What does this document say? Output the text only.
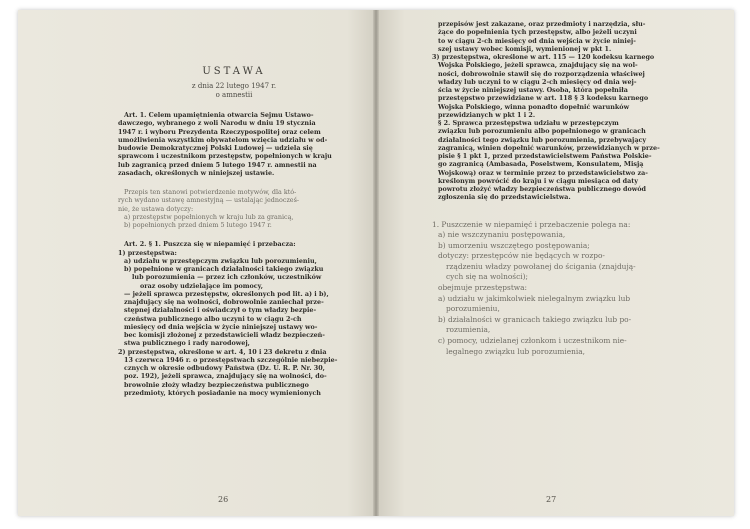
USTAWA
z dnia 22 lutego 1947 r.
o amnestii
Art. 1. Celem upamiętnienia otwarcia Sejmu Ustawo-
dawczego, wybranego z woli Narodu w dniu 19 stycznia
1947 r. i wyboru Prezydenta Rzeczypospolitej oraz celem
umożliwienia wszystkim obywatelom wzięcia udziału w od-
budowie Demokratycznej Polski Ludowej — udziela się
sprawcom i uczestnikom przestępstw, popełnionych w kraju
lub zagranicą przed dniem 5 lutego 1947 r. amnestii na
zasadach, określonych w niniejszej ustawie.
Przepis ten stanowi potwierdzenie motywów, dla któ-
rych wydano ustawę amnestyjną — ustalając jednocześ-
nie, że ustawa dotyczy:
a) przestępstw popełnionych w kraju lub za granicą,
b) popełnionych przed dniem 5 lutego 1947 r.
Art. 2. § 1. Puszcza się w niepamięć i przebacza:
1) przestępstwa:
a) udziału w przestępczym związku lub porozumieniu,
b) popełnione w granicach działalności takiego związku
lub porozumienia — przez ich członków, uczestników
oraz osoby udzielające im pomocy,
— jeżeli sprawca przestępstw, określonych pod lit. a) i b),
znajdujący się na wolności, dobrowolnie zaniechał prze-
stępnej działalności i oświadczył o tym władzy bezpie-
czeństwa publicznego albo uczyni to w ciągu 2-ch
miesięcy od dnia wejścia w życie niniejszej ustawy wo-
bec komisji złożonej z przedstawicieli władz bezpieczeń-
stwa publicznego i rady narodowej,
2) przestępstwa, określone w art. 4, 10 i 23 dekretu z dnia
13 czerwca 1946 r. o przestępstwach szczególnie niebezpie-
cznych w okresie odbudowy Państwa (Dz. U. R. P. Nr. 30,
poz. 192), jeżeli sprawca, znajdujący się na wolności, do-
browolnie złoży władzy bezpieczeństwa publicznego
przedmioty, których posiadanie na mocy wymienionych
26
przepisów jest zakazane, oraz przedmioty i narzędzia, słu-
żące do popełnienia tych przestępstw, albo jeżeli uczyni
to w ciągu 2-ch miesięcy od dnia wejścia w życie niniej-
szej ustawy wobec komisji, wymienionej w pkt 1.
3) przestępstwa, określone w art. 115 — 120 kodeksu karnego
Wojska Polskiego, jeżeli sprawca, znajdujący się na wol-
ności, dobrowolnie stawił się do rozporządzenia właściwej
władzy lub uczyni to w ciągu 2-ch miesięcy od dnia wej-
ścia w życie niniejszej ustawy. Osoba, która popełniła
przestępstwo przewidziane w art. 118 § 3 kodeksu karnego
Wojska Polskiego, winna ponadto dopełnić warunków
przewidzianych w pkt 1 i 2.
§ 2. Sprawca przestępstwa udziału w przestępczym
związku lub porozumieniu albo popełnionego w granicach
działalności tego związku lub porozumienia, przebywający
zagranicą, winien dopełnić warunków, przewidzianych w prze-
pisie § 1 pkt 1, przed przedstawicielstwem Państwa Polskie-
go zagranicą (Ambasada, Poselstwem, Konsulatem, Misją
Wojskową) oraz w terminie przez to przedstawicielstwo za-
kreślonym powrócić do kraju i w ciągu miesiąca od daty
powrotu złożyć władzy bezpieczeństwa publicznego dowód
zgłoszenia się do przedstawicielstwa.
1. Puszczenie w niepamięć i przebaczenie polega na:
a) nie wszczynaniu postępowania,
b) umorzeniu wszczętego postępowania;
dotyczy: przestępców nie będących w rozpo-
rządzeniu władzy powołanej do ścigania (znajdują-
cych się na wolności);
obejmuje przestępstwa:
a) udziału w jakimkolwiek nielegalnym związku lub
porozumieniu,
b) działalności w granicach takiego związku lub po-
rozumienia,
c) pomocy, udzielanej członkom i uczestnikom nie-
legalnego związku lub porozumienia,
27
